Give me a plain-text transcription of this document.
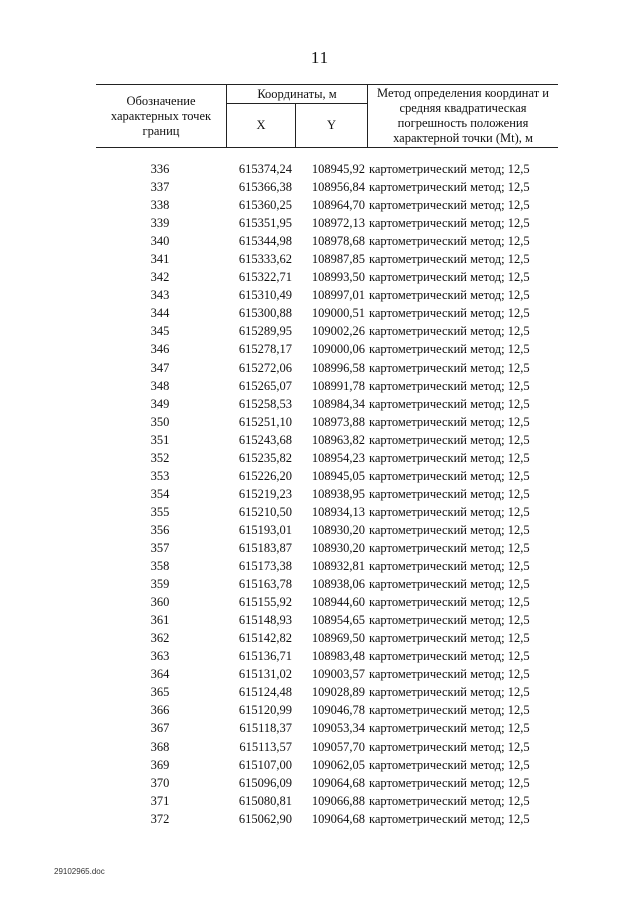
11
Обозначение характерных точек границ
Координаты, м
X	Y
Метод определения координат и средняя квадратическая погрешность положения характерной точки (Mt), м
336	615374,24	108945,92 картометрический метод; 12,5
337	615366,38	108956,84 картометрический метод; 12,5
338	615360,25	108964,70 картометрический метод; 12,5
339	615351,95	108972,13 картометрический метод; 12,5
340	615344,98	108978,68 картометрический метод; 12,5
341	615333,62	108987,85 картометрический метод; 12,5
342	615322,71	108993,50 картометрический метод; 12,5
343	615310,49	108997,01 картометрический метод; 12,5
344	615300,88	109000,51 картометрический метод; 12,5
345	615289,95	109002,26 картометрический метод; 12,5
346	615278,17	109000,06 картометрический метод; 12,5
347	615272,06	108996,58 картометрический метод; 12,5
348	615265,07	108991,78 картометрический метод; 12,5
349	615258,53	108984,34 картометрический метод; 12,5
350	615251,10	108973,88 картометрический метод; 12,5
351	615243,68	108963,82 картометрический метод; 12,5
352	615235,82	108954,23 картометрический метод; 12,5
353	615226,20	108945,05 картометрический метод; 12,5
354	615219,23	108938,95 картометрический метод; 12,5
355	615210,50	108934,13 картометрический метод; 12,5
356	615193,01	108930,20 картометрический метод; 12,5
357	615183,87	108930,20 картометрический метод; 12,5
358	615173,38	108932,81 картометрический метод; 12,5
359	615163,78	108938,06 картометрический метод; 12,5
360	615155,92	108944,60 картометрический метод; 12,5
361	615148,93	108954,65 картометрический метод; 12,5
362	615142,82	108969,50 картометрический метод; 12,5
363	615136,71	108983,48 картометрический метод; 12,5
364	615131,02	109003,57 картометрический метод; 12,5
365	615124,48	109028,89 картометрический метод; 12,5
366	615120,99	109046,78 картометрический метод; 12,5
367	615118,37	109053,34 картометрический метод; 12,5
368	615113,57	109057,70 картометрический метод; 12,5
369	615107,00	109062,05 картометрический метод; 12,5
370	615096,09	109064,68 картометрический метод; 12,5
371	615080,81	109066,88 картометрический метод; 12,5
372	615062,90	109064,68 картометрический метод; 12,5
29102965.doc
